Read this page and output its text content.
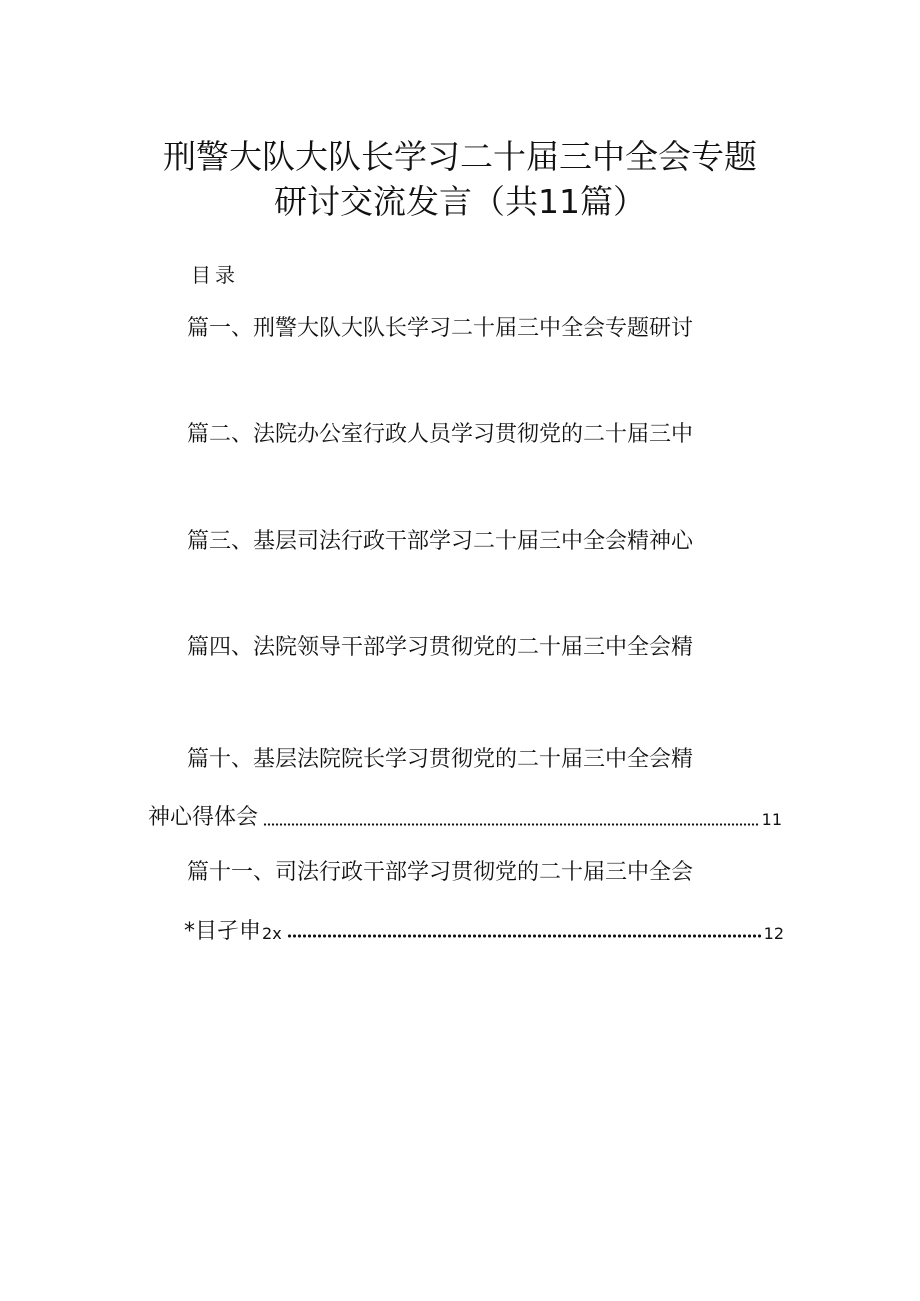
刑警大队大队长学习二十届三中全会专题
研讨交流发言（共11篇）
目录
篇一、刑警大队大队长学习二十届三中全会专题研讨
篇二、法院办公室行政人员学习贯彻党的二十届三中
篇三、基层司法行政干部学习二十届三中全会精神心
篇四、法院领导干部学习贯彻党的二十届三中全会精
篇十、基层法院院长学习贯彻党的二十届三中全会精
神心得体会	11
篇十一、司法行政干部学习贯彻党的二十届三中全会
*目孑申 2x	12
